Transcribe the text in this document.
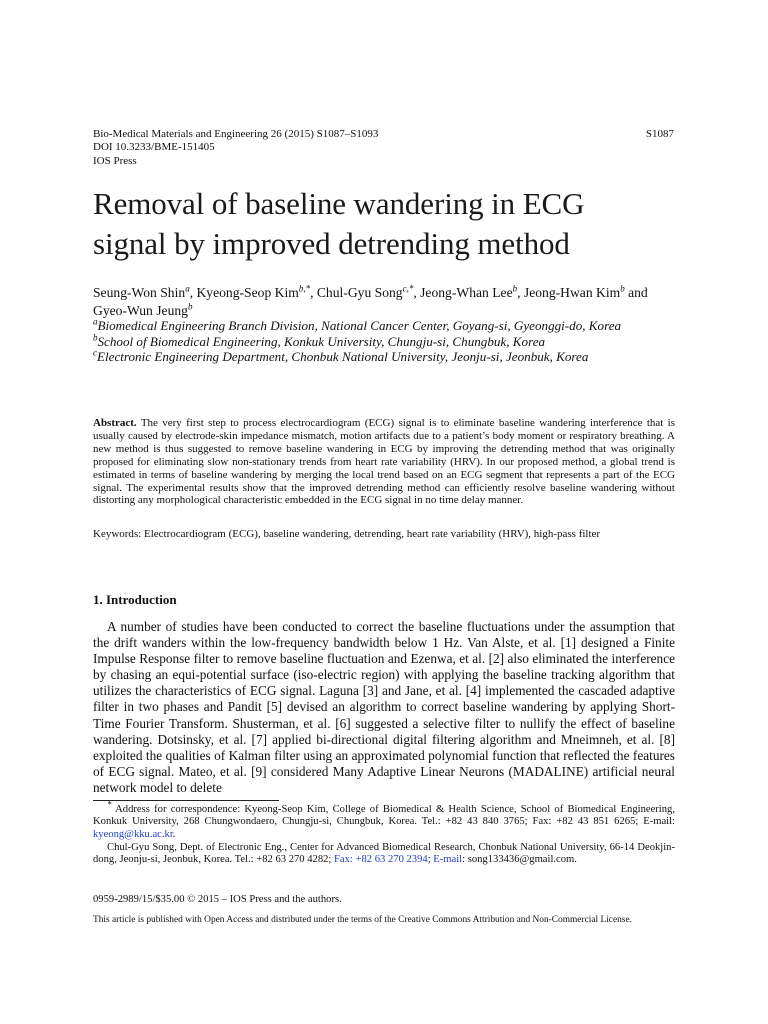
Bio-Medical Materials and Engineering 26 (2015) S1087–S1093
DOI 10.3233/BME-151405
IOS Press
S1087
Removal of baseline wandering in ECG
signal by improved detrending method
Seung-Won Shin$^a$, Kyeong-Seop Kim$^{b,*}$, Chul-Gyu Song$^{c,*}$, Jeong-Whan Lee$^b$, Jeong-Hwan Kim$^b$ and Gyeo-Wun Jeung$^b$
$^a$Biomedical Engineering Branch Division, National Cancer Center, Goyang-si, Gyeonggi-do, Korea
$^b$School of Biomedical Engineering, Konkuk University, Chungju-si, Chungbuk, Korea
$^c$Electronic Engineering Department, Chonbuk National University, Jeonju-si, Jeonbuk, Korea
Abstract. The very first step to process electrocardiogram (ECG) signal is to eliminate baseline wandering interference that is usually caused by electrode-skin impedance mismatch, motion artifacts due to a patient’s body moment or respiratory breathing. A new method is thus suggested to remove baseline wandering in ECG by improving the detrending method that was originally proposed for eliminating slow non-stationary trends from heart rate variability (HRV). In our proposed method, a global trend is estimated in terms of baseline wandering by merging the local trend based on an ECG segment that represents a part of the ECG signal. The experimental results show that the improved detrending method can efficiently resolve baseline wandering without distorting any morphological characteristic embedded in the ECG signal in no time delay manner.
Keywords: Electrocardiogram (ECG), baseline wandering, detrending, heart rate variability (HRV), high-pass filter
1. Introduction
A number of studies have been conducted to correct the baseline fluctuations under the assumption that the drift wanders within the low-frequency bandwidth below 1 Hz. Van Alste, et al. [1] designed a Finite Impulse Response filter to remove baseline fluctuation and Ezenwa, et al. [2] also eliminated the interference by chasing an equi-potential surface (iso-electric region) with applying the baseline tracking algorithm that utilizes the characteristics of ECG signal. Laguna [3] and Jane, et al. [4] implemented the cascaded adaptive filter in two phases and Pandit [5] devised an algorithm to correct baseline wandering by applying Short-Time Fourier Transform. Shusterman, et al. [6] suggested a selective filter to nullify the effect of baseline wandering. Dotsinsky, et al. [7] applied bi-directional digital filtering algorithm and Mneimneh, et al. [8] exploited the qualities of Kalman filter using an approximated polynomial function that reflected the features of ECG signal. Mateo, et al. [9] considered Many Adaptive Linear Neurons (MADALINE) artificial neural network model to delete
* Address for correspondence: Kyeong-Seop Kim, College of Biomedical & Health Science, School of Biomedical Engineering, Konkuk University, 268 Chungwondaero, Chungju-si, Chungbuk, Korea. Tel.: +82 43 840 3765; Fax: +82 43 851 6265; E-mail: kyeong@kku.ac.kr.
Chul-Gyu Song, Dept. of Electronic Eng., Center for Advanced Biomedical Research, Chonbuk National University, 66-14 Deokjin-dong, Jeonju-si, Jeonbuk, Korea. Tel.: +82 63 270 4282; Fax: +82 63 270 2394; E-mail: song133436@gmail.com.
0959-2989/15/$35.00 © 2015 – IOS Press and the authors.
This article is published with Open Access and distributed under the terms of the Creative Commons Attribution and Non-Commercial License.
